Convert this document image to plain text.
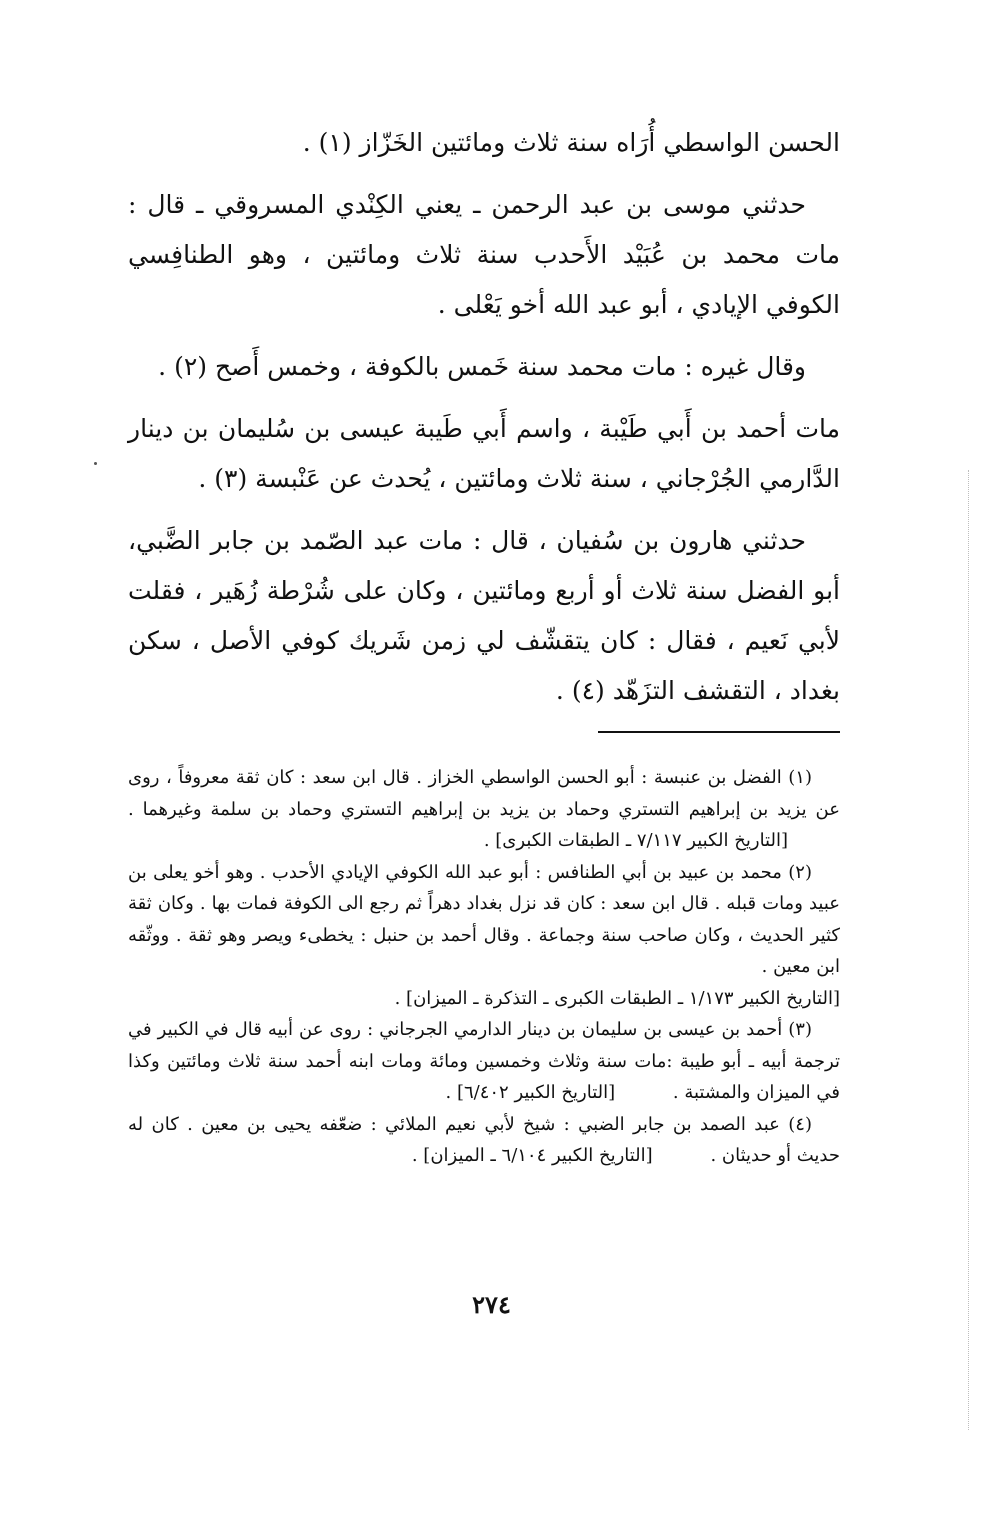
الحسن الواسطي أُرَاه سنة ثلاث ومائتين الخَزّاز (١) .

حدثني موسى بن عبد الرحمن ـ يعني الكِنْدي المسروقي ـ قال : مات محمد بن عُبَيْد الأَحدب سنة ثلاث ومائتين ، وهو الطنافِسي الكوفي الإيادي ، أبو عبد الله أخو يَعْلى .

وقال غيره : مات محمد سنة خَمس بالكوفة ، وخمس أَصح (٢) .

مات أحمد بن أَبي طَيْبة ، واسم أَبي طَيبة عيسى بن سُليمان بن دينار الدَّارمي الجُرْجاني ، سنة ثلاث ومائتين ، يُحدث عن عَنْبسة (٣) .

حدثني هارون بن سُفيان ، قال : مات عبد الصّمد بن جابر الضَّبي، أبو الفضل سنة ثلاث أو أربع ومائتين ، وكان على شُرْطة زُهَير ، فقلت لأبي نَعيم ، فقال : كان يتقشّف لي زمن شَريك كوفي الأصل ، سكن بغداد ، التقشف التزَهّد (٤) .

(١) الفضل بن عنبسة : أبو الحسن الواسطي الخزاز . قال ابن سعد : كان ثقة معروفاً ، روى عن يزيد بن إبراهيم التستري وحماد بن يزيد بن إبراهيم التستري وحماد بن سلمة وغيرهما . [التاريخ الكبير ٧/١١٧ ـ الطبقات الكبرى] .

(٢) محمد بن عبيد بن أبي الطنافس : أبو عبد الله الكوفي الإيادي الأحدب . وهو أخو يعلى بن عبيد ومات قبله . قال ابن سعد : كان قد نزل بغداد دهراً ثم رجع الى الكوفة فمات بها . وكان ثقة كثير الحديث ، وكان صاحب سنة وجماعة . وقال أحمد بن حنبل : يخطىء ويصر وهو ثقة . ووثّقه ابن معين .

[التاريخ الكبير ١/١٧٣ ـ الطبقات الكبرى ـ التذكرة ـ الميزان] .

(٣) أحمد بن عيسى بن سليمان بن دينار الدارمي الجرجاني : روى عن أبيه قال في الكبير في ترجمة أبيه ـ أبو طيبة :مات سنة وثلاث وخمسين ومائة ومات ابنه أحمد سنة ثلاث ومائتين وكذا في الميزان والمشتبة . [التاريخ الكبير ٦/٤٠٢] .

(٤) عبد الصمد بن جابر الضبي : شيخ لأبي نعيم الملائي : ضعّفه يحيى بن معين . كان له حديث أو حديثان . [التاريخ الكبير ٦/١٠٤ ـ الميزان] .

٢٧٤
